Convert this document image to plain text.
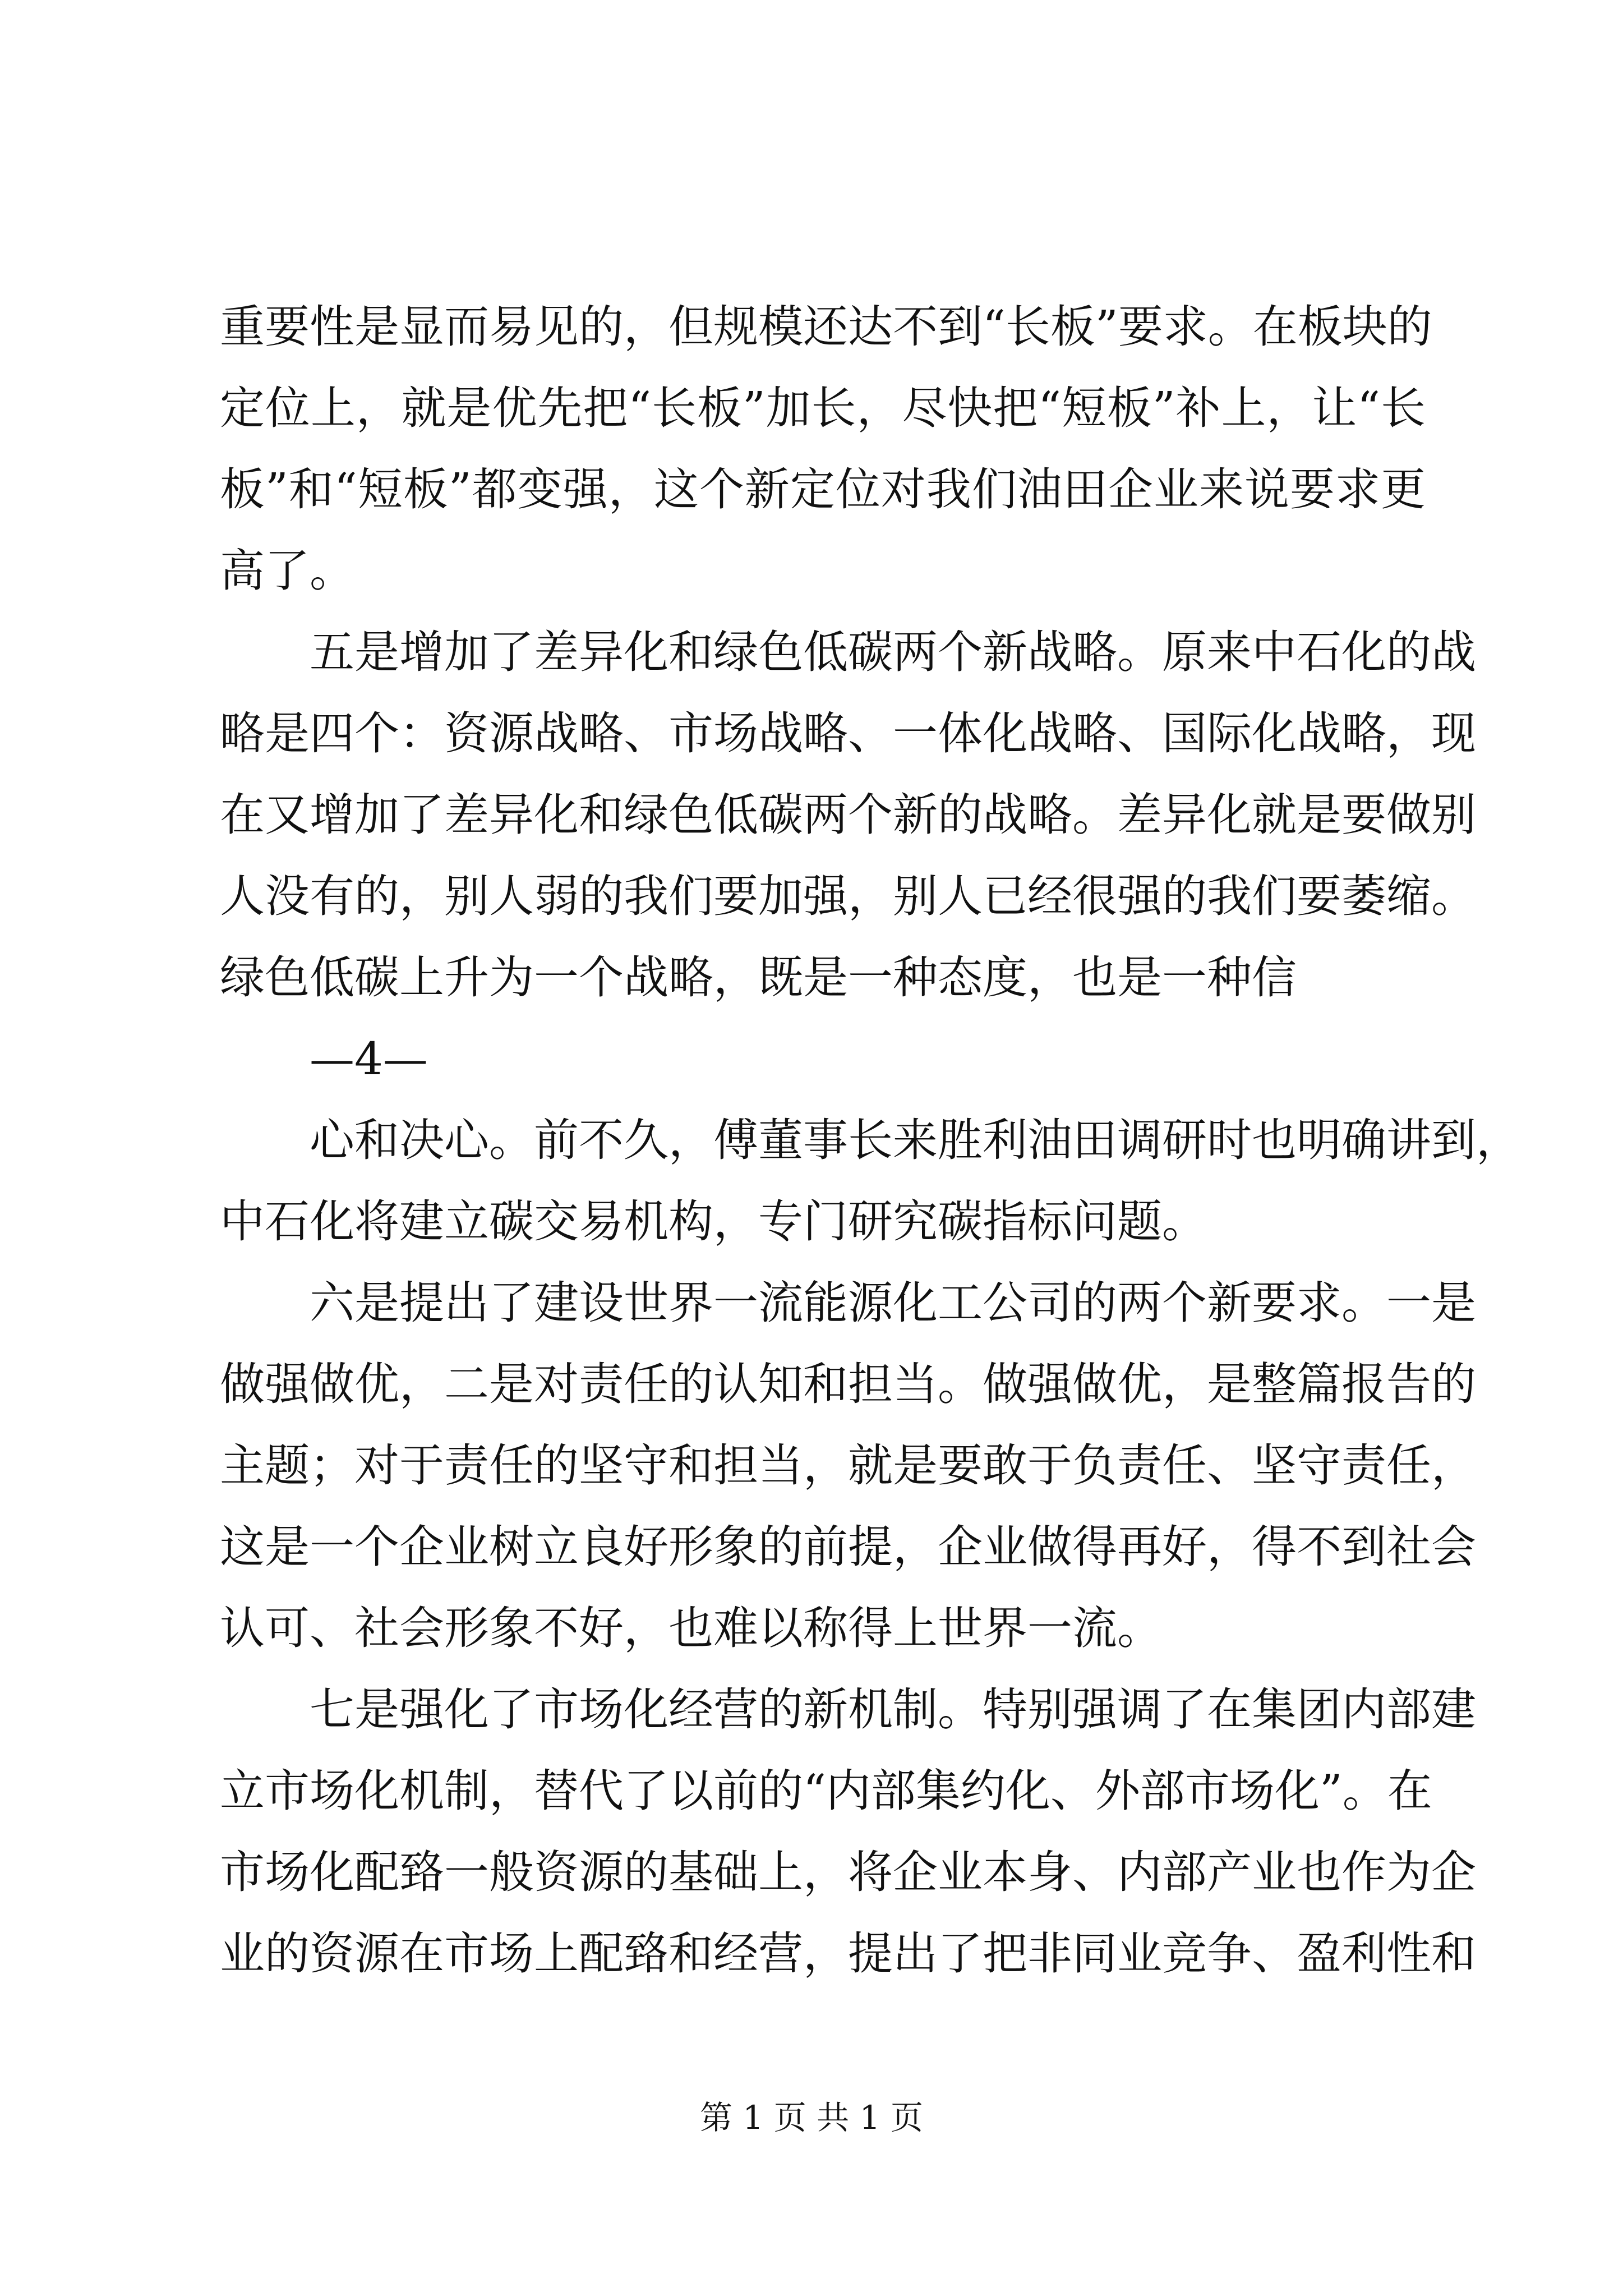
重要性是显而易见的，但规模还达不到“长板”要求。在板块的
定位上，就是优先把“长板”加长，尽快把“短板”补上，让“长
板”和“短板”都变强，这个新定位对我们油田企业来说要求更
高了。
五是增加了差异化和绿色低碳两个新战略。原来中石化的战
略是四个：资源战略、市场战略、一体化战略、国际化战略，现
在又增加了差异化和绿色低碳两个新的战略。差异化就是要做别
人没有的，别人弱的我们要加强，别人已经很强的我们要萎缩。
绿色低碳上升为一个战略，既是一种态度，也是一种信
—4—
心和决心。前不久，傅董事长来胜利油田调研时也明确讲到，
中石化将建立碳交易机构，专门研究碳指标问题。
六是提出了建设世界一流能源化工公司的两个新要求。一是
做强做优，二是对责任的认知和担当。做强做优，是整篇报告的
主题；对于责任的坚守和担当，就是要敢于负责任、坚守责任，
这是一个企业树立良好形象的前提，企业做得再好，得不到社会
认可、社会形象不好，也难以称得上世界一流。
七是强化了市场化经营的新机制。特别强调了在集团内部建
立市场化机制，替代了以前的“内部集约化、外部市场化”。在
市场化配臵一般资源的基础上，将企业本身、内部产业也作为企
业的资源在市场上配臵和经营，提出了把非同业竞争、盈利性和
第 1 页 共 1 页
